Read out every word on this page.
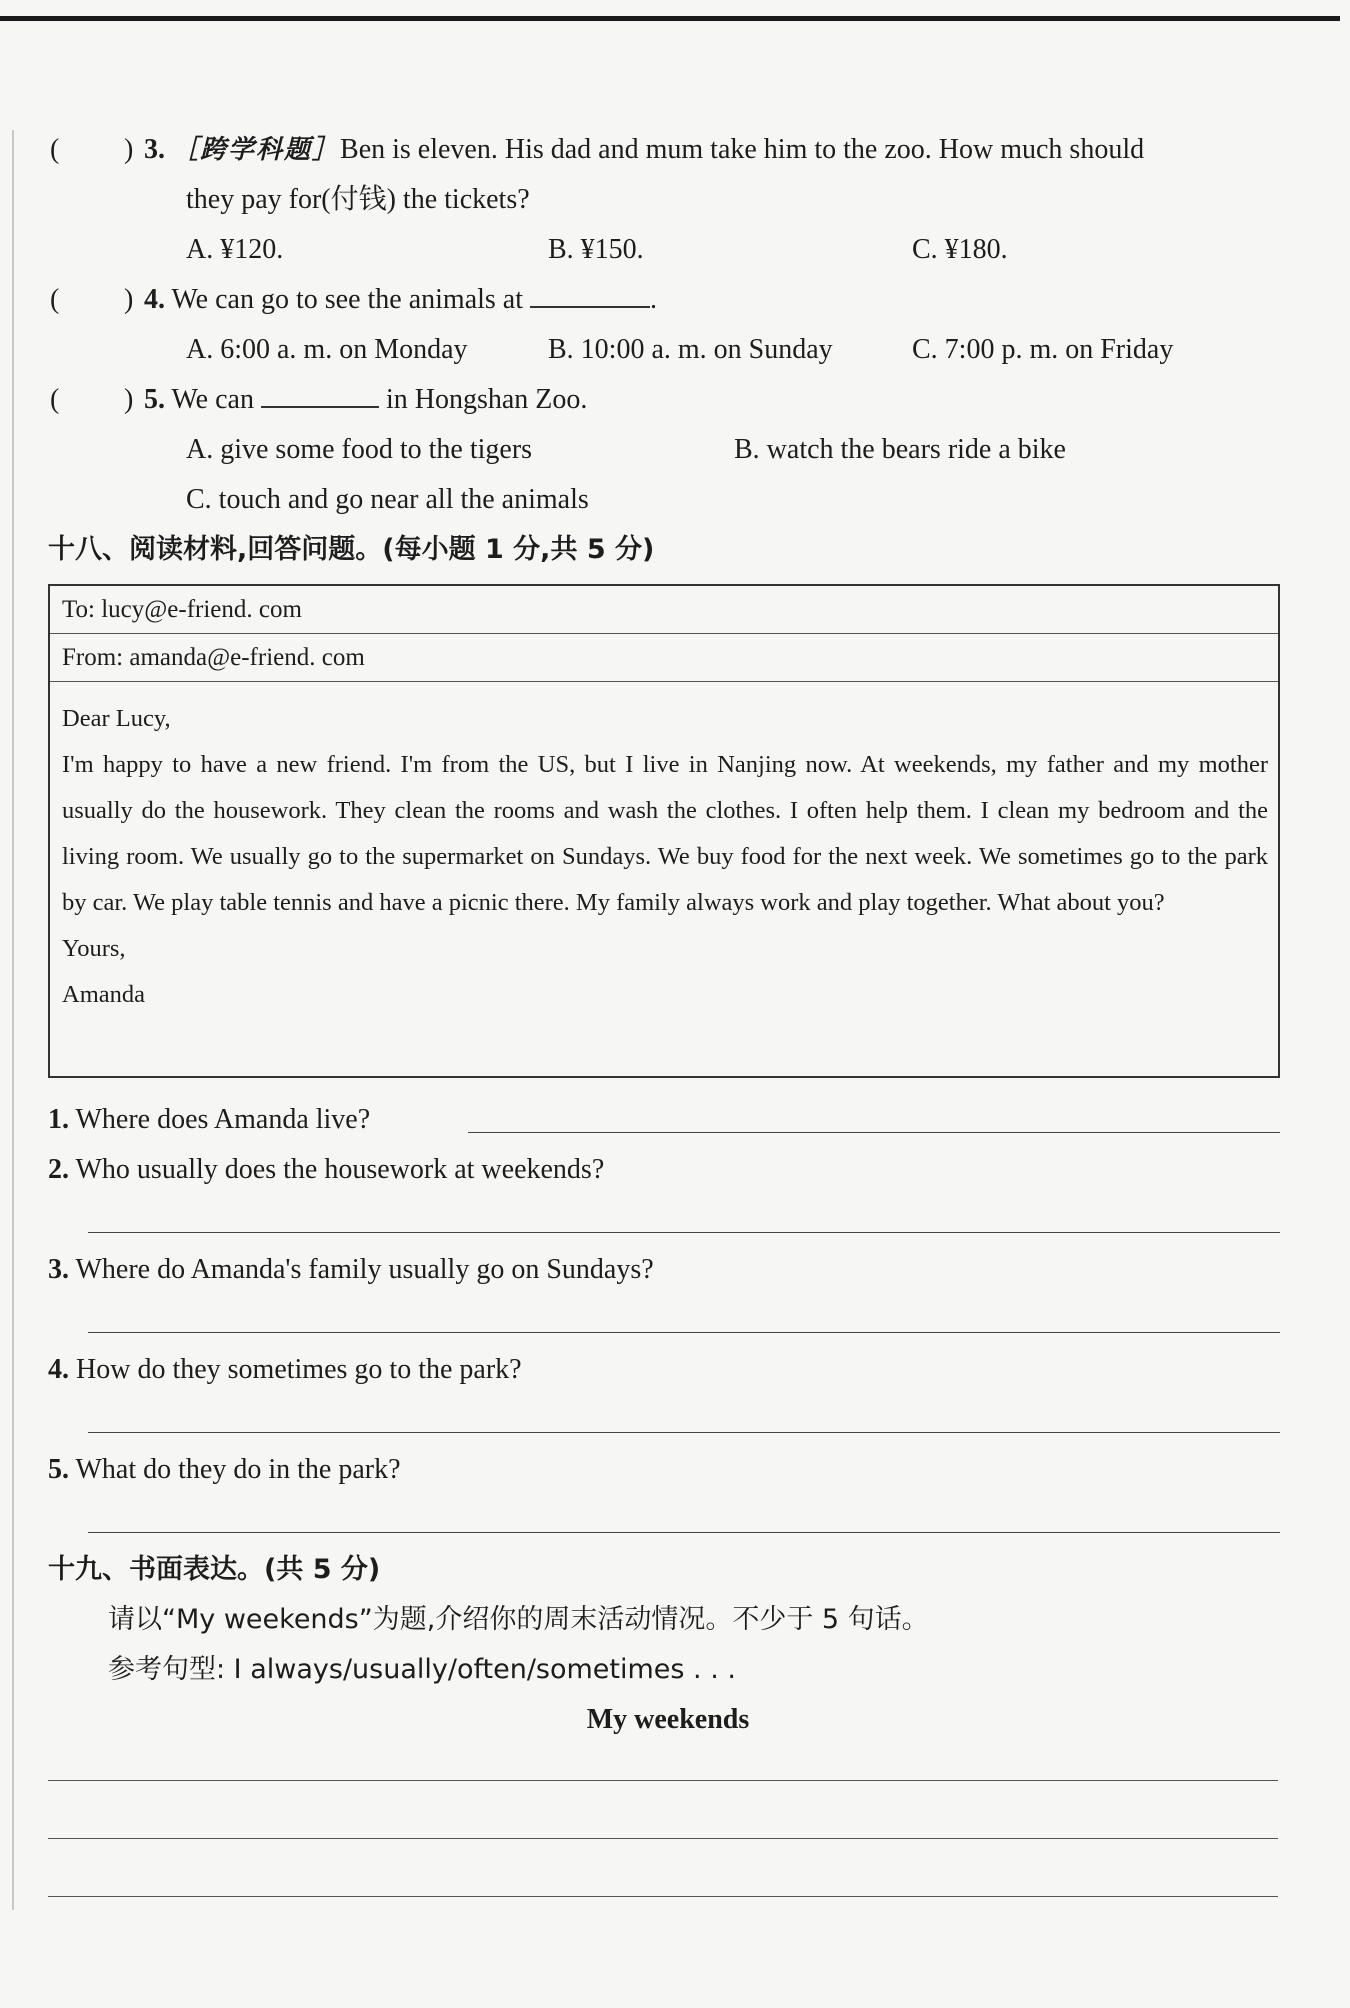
( ) 3. ［跨学科题］Ben is eleven. His dad and mum take him to the zoo. How much should
they pay for(付钱) the tickets?
A. ¥120.	B. ¥150.	C. ¥180.
( ) 4. We can go to see the animals at	.
A. 6:00 a. m. on Monday	B. 10:00 a. m. on Sunday	C. 7:00 p. m. on Friday
( ) 5. We can	in Hongshan Zoo.
A. give some food to the tigers	B. watch the bears ride a bike
C. touch and go near all the animals
十八、阅读材料,回答问题。(每小题 1 分,共 5 分)
To: lucy@e-friend. com
From: amanda@e-friend. com

Dear Lucy,

I'm happy to have a new friend. I'm from the US, but I live in Nanjing now. At weekends, my father and my mother usually do the housework. They clean the rooms and wash the clothes. I often help them. I clean my bedroom and the living room. We usually go to the supermarket on Sundays. We buy food for the next week. We sometimes go to the park by car. We play table tennis and have a picnic there. My family always work and play together. What about you?

Yours,

Amanda

1. Where does Amanda live?
2. Who usually does the housework at weekends?
3. Where do Amanda's family usually go on Sundays?
4. How do they sometimes go to the park?
5. What do they do in the park?
十九、书面表达。(共 5 分)
请以“My weekends”为题,介绍你的周末活动情况。不少于 5 句话。
参考句型: I always/usually/often/sometimes . . .
My weekends
